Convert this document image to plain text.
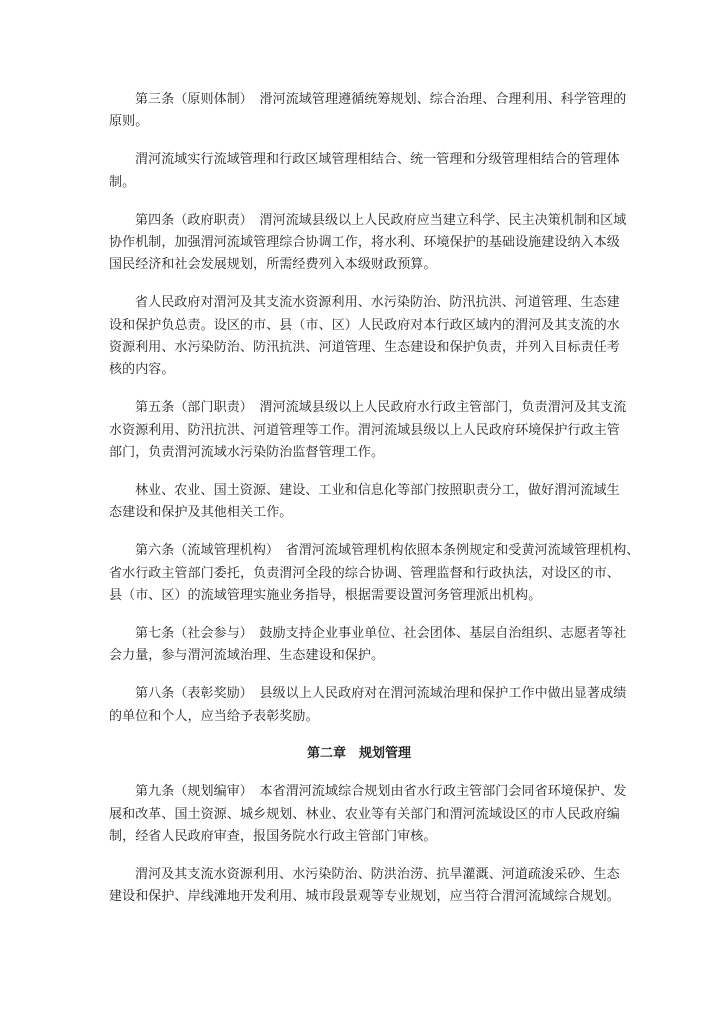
第三条（原则体制）　滑河流域管理遵循统筹规划、综合治理、合理利用、科学管理的
原则。
渭河流域实行流域管理和行政区域管理相结合、统一管理和分级管理相结合的管理体
制。
第四条（政府职责）　渭河流域县级以上人民政府应当建立科学、民主决策机制和区域
协作机制，加强渭河流域管理综合协调工作，将水利、环境保护的基础设施建设纳入本级
国民经济和社会发展规划，所需经费列入本级财政预算。
省人民政府对渭河及其支流水资源利用、水污染防治、防汛抗洪、河道管理、生态建
设和保护负总责。设区的市、县（市、区）人民政府对本行政区域内的渭河及其支流的水
资源利用、水污染防治、防汛抗洪、河道管理、生态建设和保护负责，并列入目标责任考
核的内容。
第五条（部门职责）　渭河流域县级以上人民政府水行政主管部门，负责渭河及其支流
水资源利用、防汛抗洪、河道管理等工作。渭河流域县级以上人民政府环境保护行政主管
部门，负责渭河流域水污染防治监督管理工作。
林业、农业、国土资源、建设、工业和信息化等部门按照职责分工，做好渭河流域生
态建设和保护及其他相关工作。
第六条（流域管理机构）　省渭河流域管理机构依照本条例规定和受黄河流域管理机构、
省水行政主管部门委托，负责渭河全段的综合协调、管理监督和行政执法，对设区的市、
县（市、区）的流域管理实施业务指导，根据需要设置河务管理派出机构。
第七条（社会参与）　鼓励支持企业事业单位、社会团体、基层自治组织、志愿者等社
会力量，参与渭河流域治理、生态建设和保护。
第八条（表彰奖励）　县级以上人民政府对在渭河流域治理和保护工作中做出显著成绩
的单位和个人，应当给予表彰奖励。
第二章　规划管理
第九条（规划编审）　本省渭河流域综合规划由省水行政主管部门会同省环境保护、发
展和改革、国土资源、城乡规划、林业、农业等有关部门和渭河流域设区的市人民政府编
制，经省人民政府审查，报国务院水行政主管部门审核。
渭河及其支流水资源利用、水污染防治、防洪治涝、抗旱灌溉、河道疏浚采砂、生态
建设和保护、岸线滩地开发利用、城市段景观等专业规划，应当符合渭河流域综合规划。
